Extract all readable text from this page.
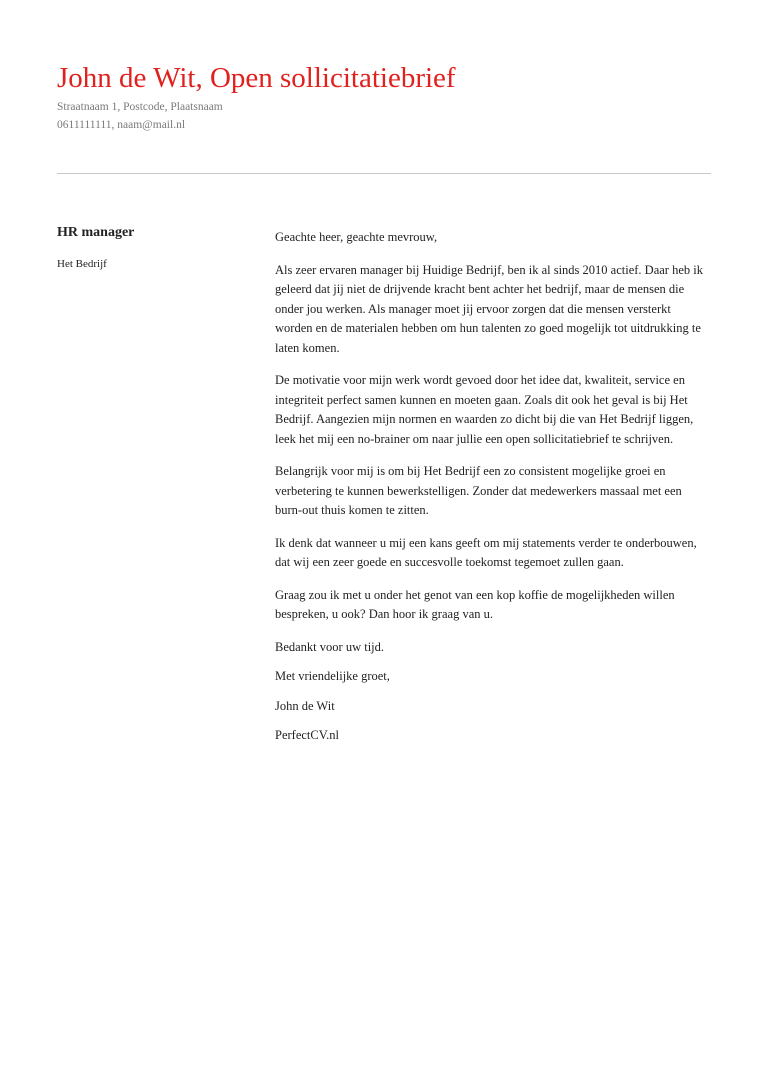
John de Wit, Open sollicitatiebrief
Straatnaam 1, Postcode, Plaatsnaam
0611111111, naam@mail.nl
HR manager
Het Bedrijf

Geachte heer, geachte mevrouw,

Als zeer ervaren manager bij Huidige Bedrijf, ben ik al sinds 2010 actief. Daar heb ik geleerd dat jij niet de drijvende kracht bent achter het bedrijf, maar de mensen die onder jou werken. Als manager moet jij ervoor zorgen dat die mensen versterkt worden en de materialen hebben om hun talenten zo goed mogelijk tot uitdrukking te laten komen.

De motivatie voor mijn werk wordt gevoed door het idee dat, kwaliteit, service en integriteit perfect samen kunnen en moeten gaan. Zoals dit ook het geval is bij Het Bedrijf. Aangezien mijn normen en waarden zo dicht bij die van Het Bedrijf liggen, leek het mij een no-brainer om naar jullie een open sollicitatiebrief te schrijven.

Belangrijk voor mij is om bij Het Bedrijf een zo consistent mogelijke groei en verbetering te kunnen bewerkstelligen. Zonder dat medewerkers massaal met een burn-out thuis komen te zitten.

Ik denk dat wanneer u mij een kans geeft om mij statements verder te onderbouwen, dat wij een zeer goede en succesvolle toekomst tegemoet zullen gaan.

Graag zou ik met u onder het genot van een kop koffie de mogelijkheden willen bespreken, u ook? Dan hoor ik graag van u.

Bedankt voor uw tijd.

Met vriendelijke groet,

John de Wit

PerfectCV.nl
